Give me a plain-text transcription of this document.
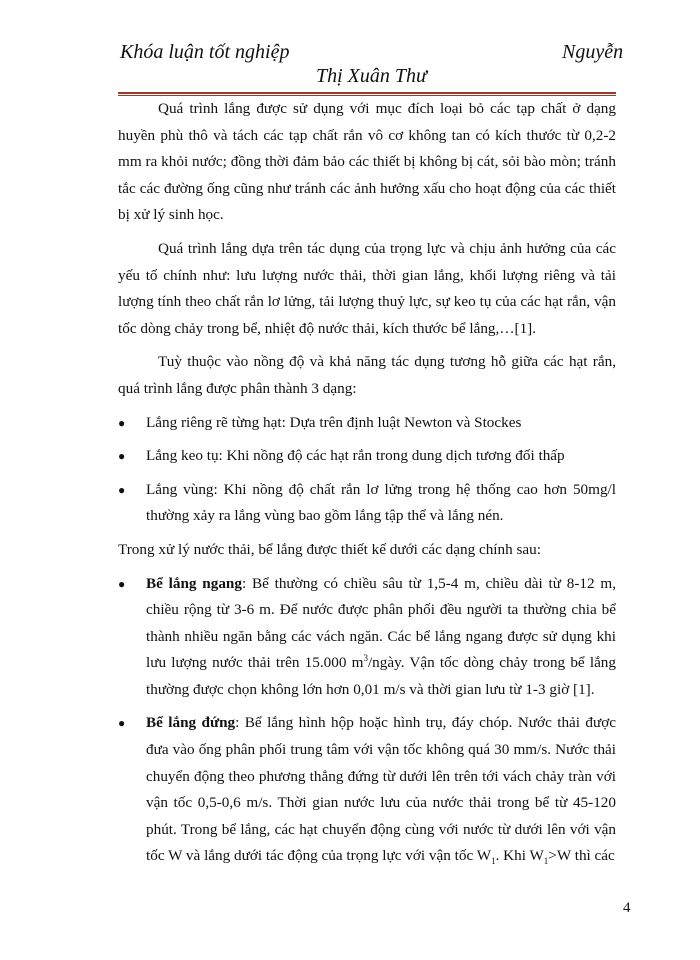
Khóa luận tốt nghiệp	Nguyễn
Thị Xuân Thư

Quá trình lắng được sử dụng với mục đích loại bỏ các tạp chất ở dạng huyền phù thô và tách các tạp chất rắn vô cơ không tan có kích thước từ 0,2-2 mm ra khỏi nước; đồng thời đảm bảo các thiết bị không bị cát, sỏi bào mòn; tránh tắc các đường ống cũng như tránh các ảnh hưởng xấu cho hoạt động của các thiết bị xử lý sinh học.

Quá trình lắng dựa trên tác dụng của trọng lực và chịu ảnh hưởng của các yếu tố chính như: lưu lượng nước thải, thời gian lắng, khối lượng riêng và tải lượng tính theo chất rắn lơ lửng, tải lượng thuỷ lực, sự keo tụ của các hạt rắn, vận tốc dòng chảy trong bể, nhiệt độ nước thải, kích thước bể lắng,…[1].

Tuỳ thuộc vào nồng độ và khả năng tác dụng tương hỗ giữa các hạt rắn, quá trình lắng được phân thành 3 dạng:

●	Lắng riêng rẽ từng hạt: Dựa trên định luật Newton và Stockes
●	Lắng keo tụ: Khi nồng độ các hạt rắn trong dung dịch tương đối thấp
●	Lắng vùng: Khi nồng độ chất rắn lơ lửng trong hệ thống cao hơn 50mg/l thường xảy ra lắng vùng bao gồm lắng tập thể và lắng nén.

Trong xử lý nước thải, bể lắng được thiết kế dưới các dạng chính sau:

●	Bể lắng ngang: Bể thường có chiều sâu từ 1,5-4 m, chiều dài từ 8-12 m, chiều rộng từ 3-6 m. Để nước được phân phối đều người ta thường chia bể thành nhiều ngăn bằng các vách ngăn. Các bể lắng ngang được sử dụng khi lưu lượng nước thải trên 15.000 $m^3$/ngày. Vận tốc dòng chảy trong bể lắng thường được chọn không lớn hơn 0,01 m/s và thời gian lưu từ 1-3 giờ [1].
●	Bể lắng đứng: Bể lắng hình hộp hoặc hình trụ, đáy chóp. Nước thải được đưa vào ống phân phối trung tâm với vận tốc không quá 30 mm/s. Nước thải chuyển động theo phương thẳng đứng từ dưới lên trên tới vách chảy tràn với vận tốc 0,5-0,6 m/s. Thời gian nước lưu của nước thải trong bể từ 45-120 phút. Trong bể lắng, các hạt chuyển động cùng với nước từ dưới lên với vận tốc W và lắng dưới tác động của trọng lực với vận tốc $W_1$. Khi $W_1>W$ thì các
4
